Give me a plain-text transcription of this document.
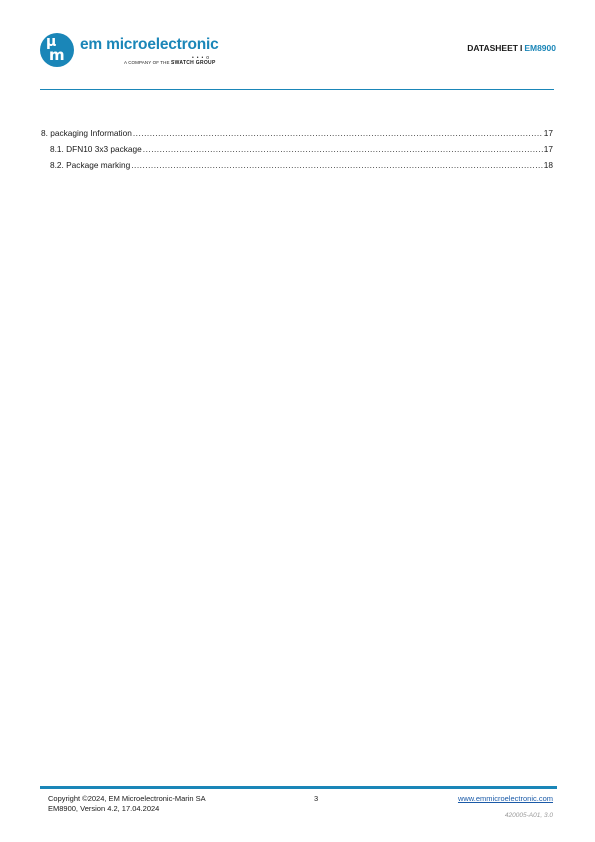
µ
m
em microelectronic
•••o
A COMPANY OF THE SWATCH GROUP
DATASHEET I EM8900
8. packaging Information .....	17
8.1. DFN10 3x3 package .....	17
8.2. Package marking .....	18
Copyright ©2024, EM Microelectronic-Marin SA
EM8900, Version 4.2, 17.04.2024
3	www.emmicroelectronic.com
420005-A01, 3.0
